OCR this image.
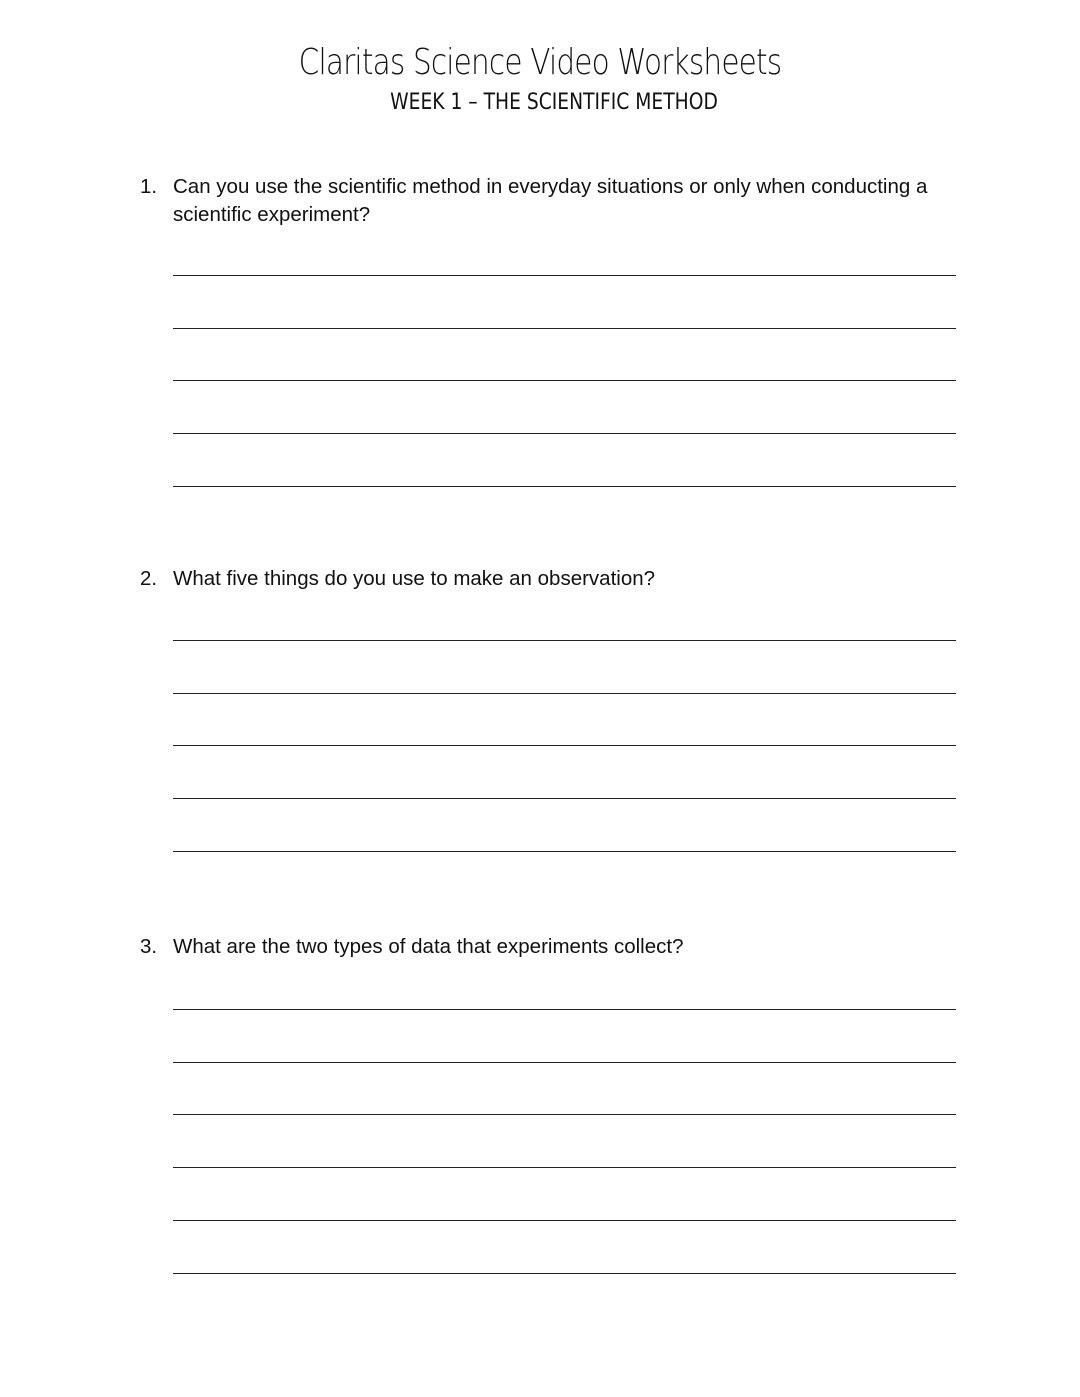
Claritas Science Video Worksheets
WEEK 1 – THE SCIENTIFIC METHOD
1. Can you use the scientific method in everyday situations or only when conducting a scientific experiment?
2. What five things do you use to make an observation?
3. What are the two types of data that experiments collect?
